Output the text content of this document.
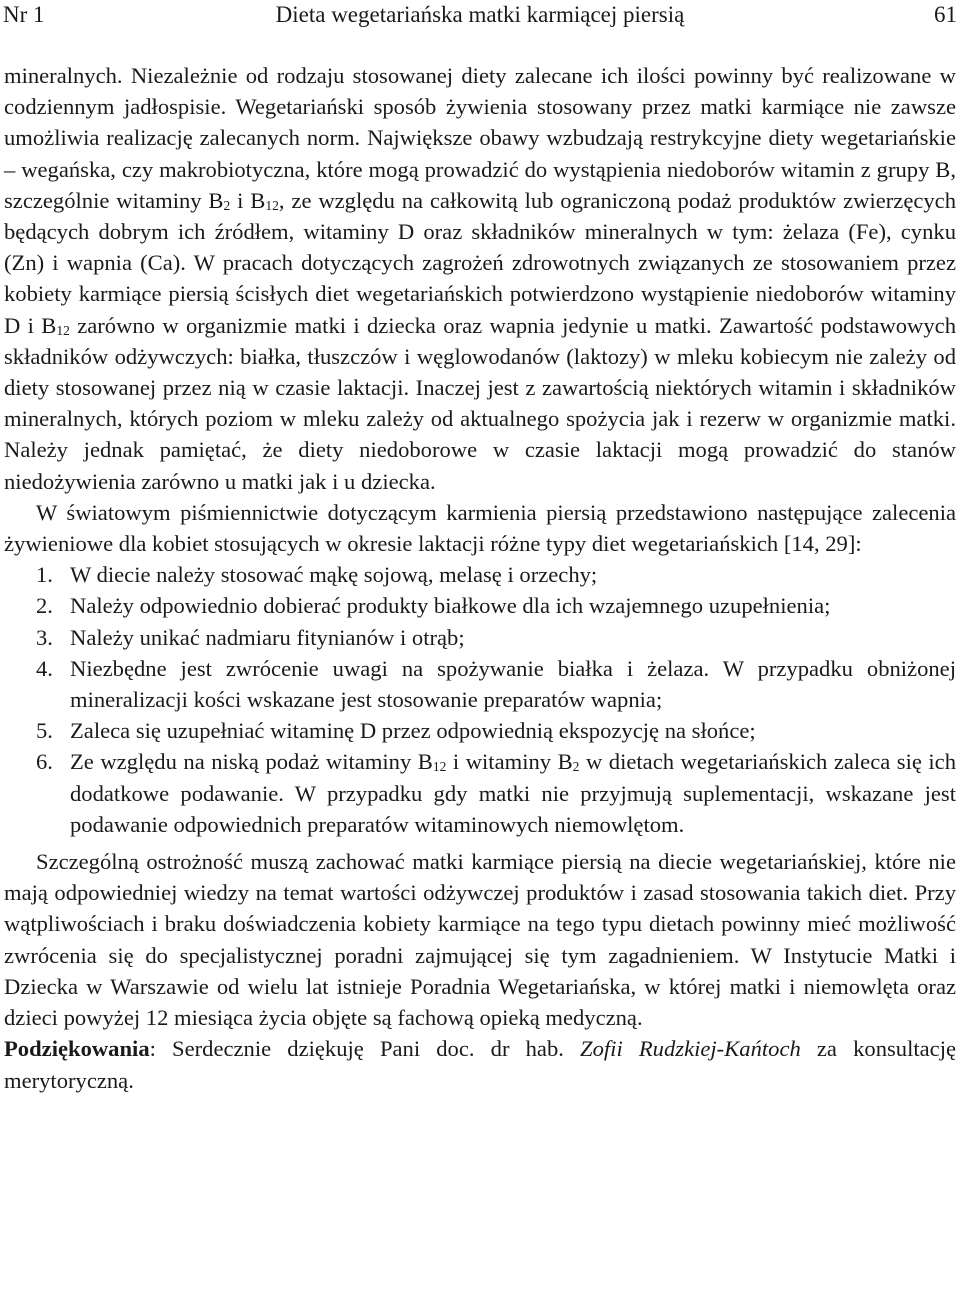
Nr 1	Dieta wegetariańska matki karmiącej piersią	61

mineralnych. Niezależnie od rodzaju stosowanej diety zalecane ich ilości powinny być realizowane w codziennym jadłospisie. Wegetariański sposób żywienia stosowany przez matki karmiące nie zawsze umożliwia realizację zalecanych norm. Największe obawy wzbudzają restrykcyjne diety wegetariańskie – wegańska, czy makrobiotyczna, które mogą prowadzić do wystąpienia niedoborów witamin z grupy B, szczególnie witaminy B2 i B12, ze względu na całkowitą lub ograniczoną podaż produktów zwierzęcych będących dobrym ich źródłem, witaminy D oraz składników mineralnych w tym: żelaza (Fe), cynku (Zn) i wapnia (Ca). W pracach dotyczących zagrożeń zdrowotnych związanych ze stosowaniem przez kobiety karmiące piersią ścisłych diet wegetariańskich potwierdzono wystąpienie niedoborów witaminy D i B12 zarówno w organizmie matki i dziecka oraz wapnia jedynie u matki. Zawartość podstawowych składników odżywczych: białka, tłuszczów i węglowodanów (laktozy) w mleku kobiecym nie zależy od diety stosowanej przez nią w czasie laktacji. Inaczej jest z zawartością niektórych witamin i składników mineralnych, których poziom w mleku zależy od aktualnego spożycia jak i rezerw w organizmie matki. Należy jednak pamiętać, że diety niedoborowe w czasie laktacji mogą prowadzić do stanów niedożywienia zarówno u matki jak i u dziecka.

W światowym piśmiennictwie dotyczącym karmienia piersią przedstawiono następujące zalecenia żywieniowe dla kobiet stosujących w okresie laktacji różne typy diet wegetariańskich [14, 29]:

1. W diecie należy stosować mąkę sojową, melasę i orzechy;
2. Należy odpowiednio dobierać produkty białkowe dla ich wzajemnego uzupełnienia;
3. Należy unikać nadmiaru fitynianów i otrąb;
4. Niezbędne jest zwrócenie uwagi na spożywanie białka i żelaza. W przypadku obniżonej mineralizacji kości wskazane jest stosowanie preparatów wapnia;
5. Zaleca się uzupełniać witaminę D przez odpowiednią ekspozycję na słońce;
6. Ze względu na niską podaż witaminy B12 i witaminy B2 w dietach wegetariańskich zaleca się ich dodatkowe podawanie. W przypadku gdy matki nie przyjmują suplementacji, wskazane jest podawanie odpowiednich preparatów witaminowych niemowlętom.

Szczególną ostrożność muszą zachować matki karmiące piersią na diecie wegetariańskiej, które nie mają odpowiedniej wiedzy na temat wartości odżywczej produktów i zasad stosowania takich diet. Przy wątpliwościach i braku doświadczenia kobiety karmiące na tego typu dietach powinny mieć możliwość zwrócenia się do specjalistycznej poradni zajmującej się tym zagadnieniem. W Instytucie Matki i Dziecka w Warszawie od wielu lat istnieje Poradnia Wegetariańska, w której matki i niemowlęta oraz dzieci powyżej 12 miesiąca życia objęte są fachową opieką medyczną.

Podziękowania: Serdecznie dziękuję Pani doc. dr hab. Zofii Rudzkiej-Kańtoch za konsultację merytoryczną.
